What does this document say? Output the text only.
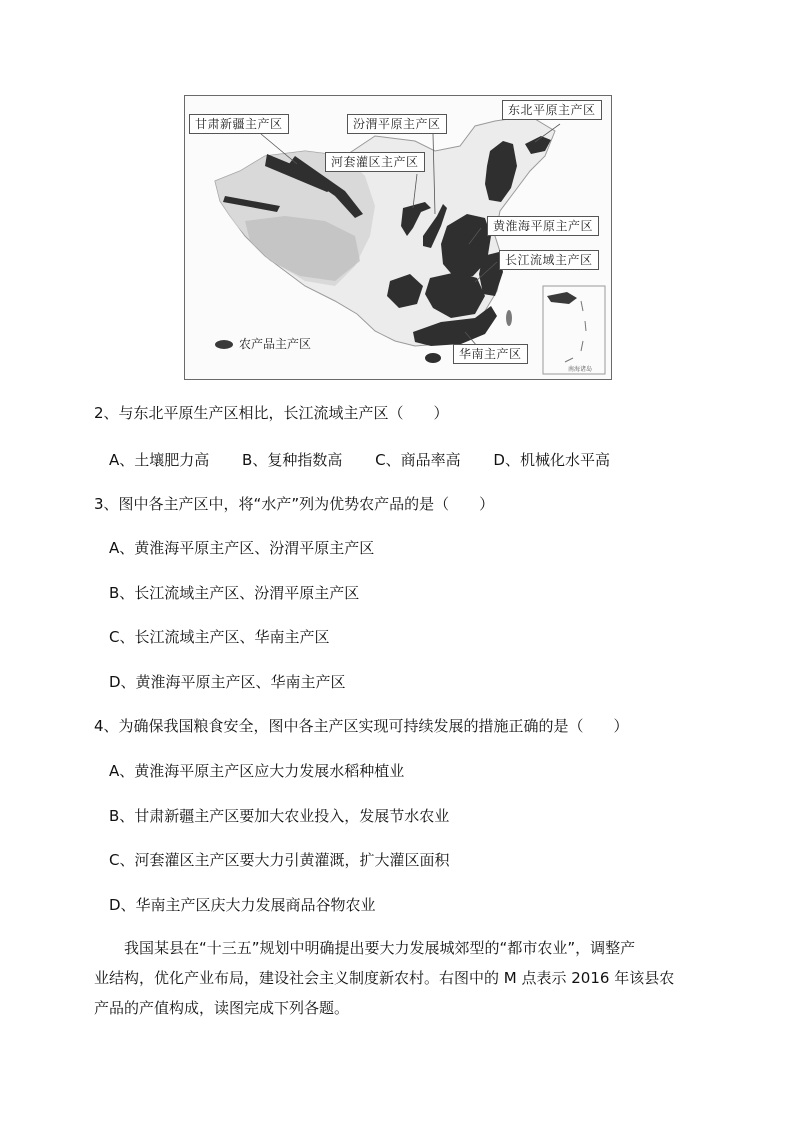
甘肃新疆主产区	汾渭平原主产区
东北平原主产区
河套灌区主产区
黄淮海平原主产区
长江流域主产区
华南主产区
农产品主产区
南海诸岛
2、与东北平原生产区相比，长江流域主产区（　　）
A、土壤肥力高 B、复种指数高 C、商品率高 D、机械化水平高
3、图中各主产区中，将“水产”列为优势农产品的是（　　）
A、黄淮海平原主产区、汾渭平原主产区
B、长江流域主产区、汾渭平原主产区
C、长江流域主产区、华南主产区
D、黄淮海平原主产区、华南主产区
4、为确保我国粮食安全，图中各主产区实现可持续发展的措施正确的是（　　）
A、黄淮海平原主产区应大力发展水稻种植业
B、甘肃新疆主产区要加大农业投入，发展节水农业
C、河套灌区主产区要大力引黄灌溉，扩大灌区面积
D、华南主产区庆大力发展商品谷物农业
　　我国某县在“十三五”规划中明确提出要大力发展城郊型的“都市农业”，调整产
业结构，优化产业布局，建设社会主义制度新农村。右图中的 M 点表示 2016 年该县农
产品的产值构成，读图完成下列各题。
